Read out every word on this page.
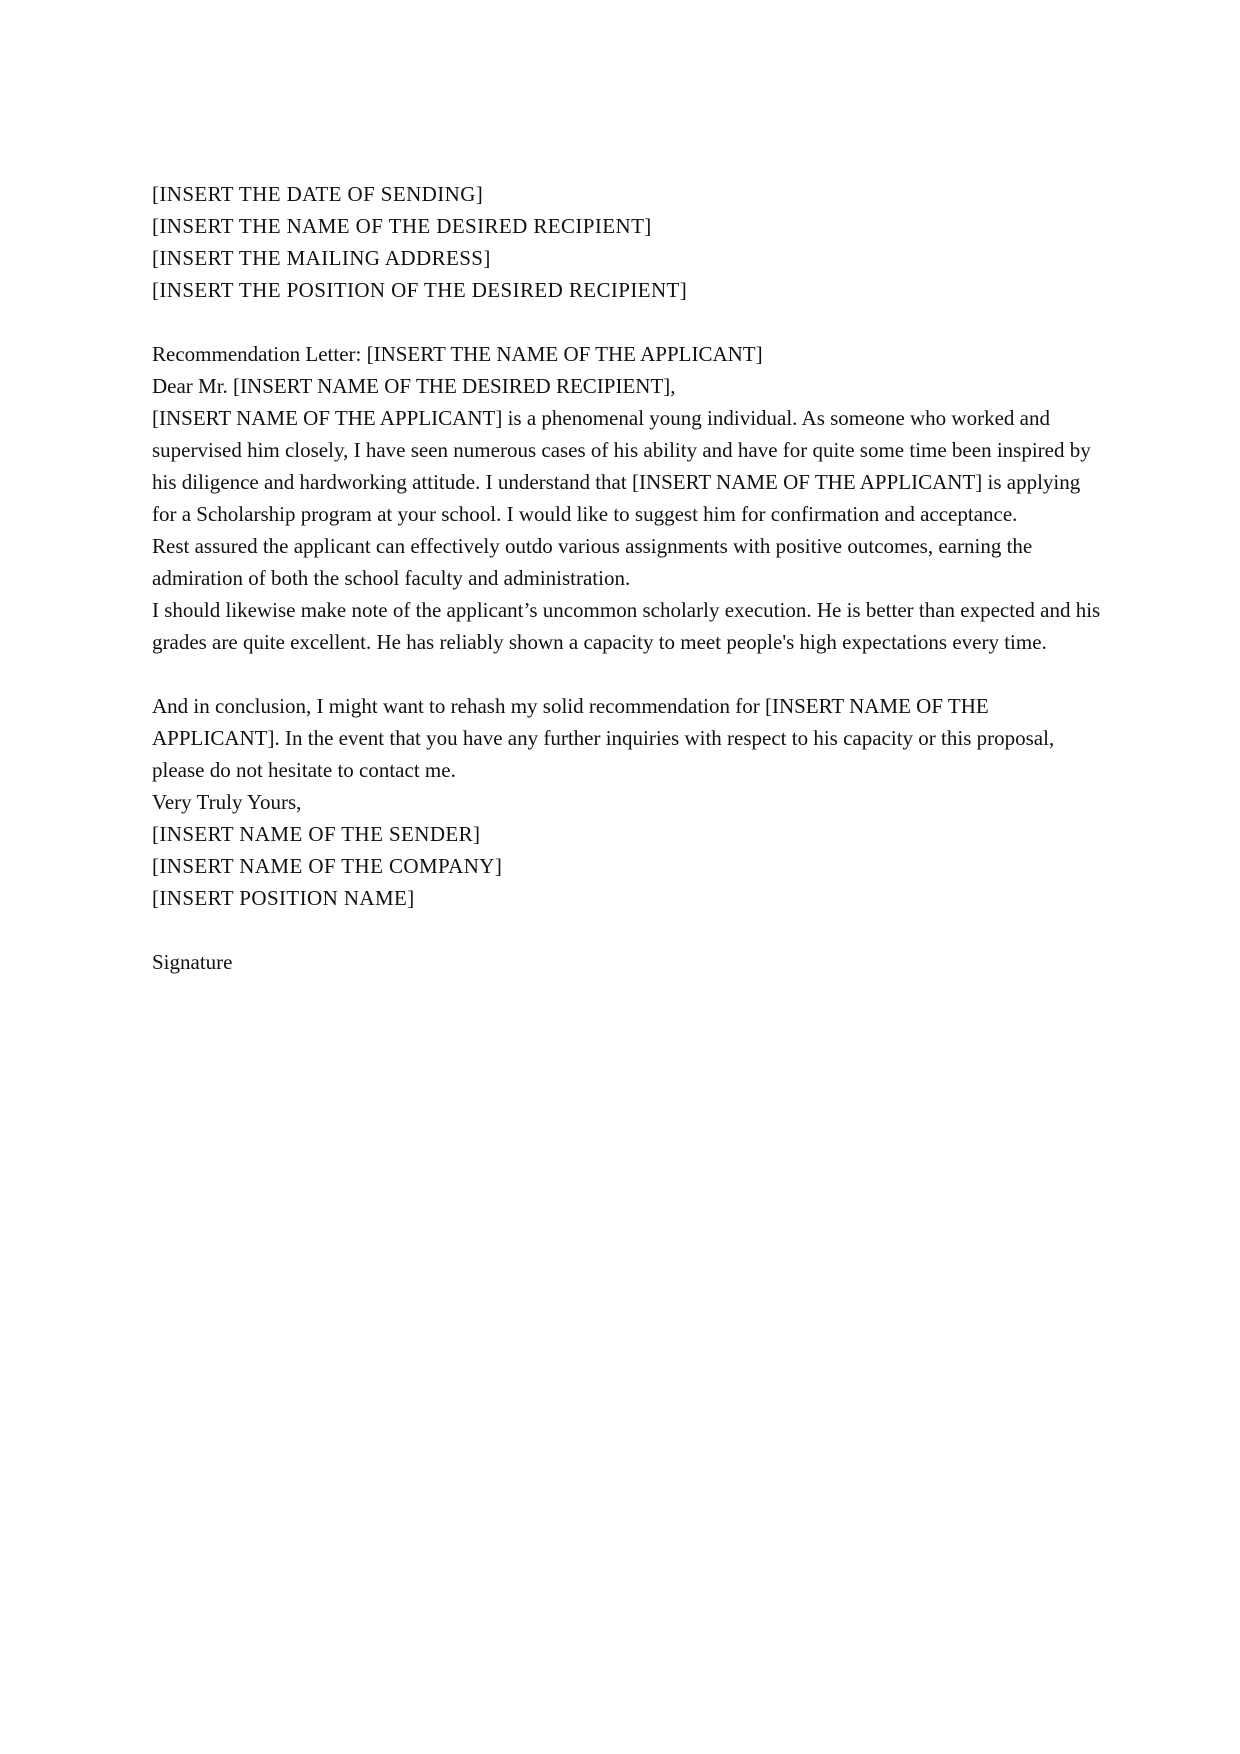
[INSERT THE DATE OF SENDING]

[INSERT THE NAME OF THE DESIRED RECIPIENT]
[INSERT THE MAILING ADDRESS]
[INSERT THE POSITION OF THE DESIRED RECIPIENT]

Recommendation Letter: [INSERT THE NAME OF THE APPLICANT]

Dear Mr. [INSERT NAME OF THE DESIRED RECIPIENT],

[INSERT NAME OF THE APPLICANT] is a phenomenal young individual. As someone who worked and supervised him closely, I have seen numerous cases of his ability and have for quite some time been inspired by his diligence and hardworking attitude. I understand that [INSERT NAME OF THE APPLICANT] is applying for a Scholarship program at your school. I would like to suggest him for confirmation and acceptance.

Rest assured the applicant can effectively outdo various assignments with positive outcomes, earning the admiration of both the school faculty and administration.

I should likewise make note of the applicant’s uncommon scholarly execution. He is better than expected and his grades are quite excellent. He has reliably shown a capacity to meet people's high expectations every time.

And in conclusion, I might want to rehash my solid recommendation for [INSERT NAME OF THE APPLICANT]. In the event that you have any further inquiries with respect to his capacity or this proposal, please do not hesitate to contact me.

Very Truly Yours,

[INSERT NAME OF THE SENDER]
[INSERT NAME OF THE COMPANY]
[INSERT POSITION NAME]

Signature
